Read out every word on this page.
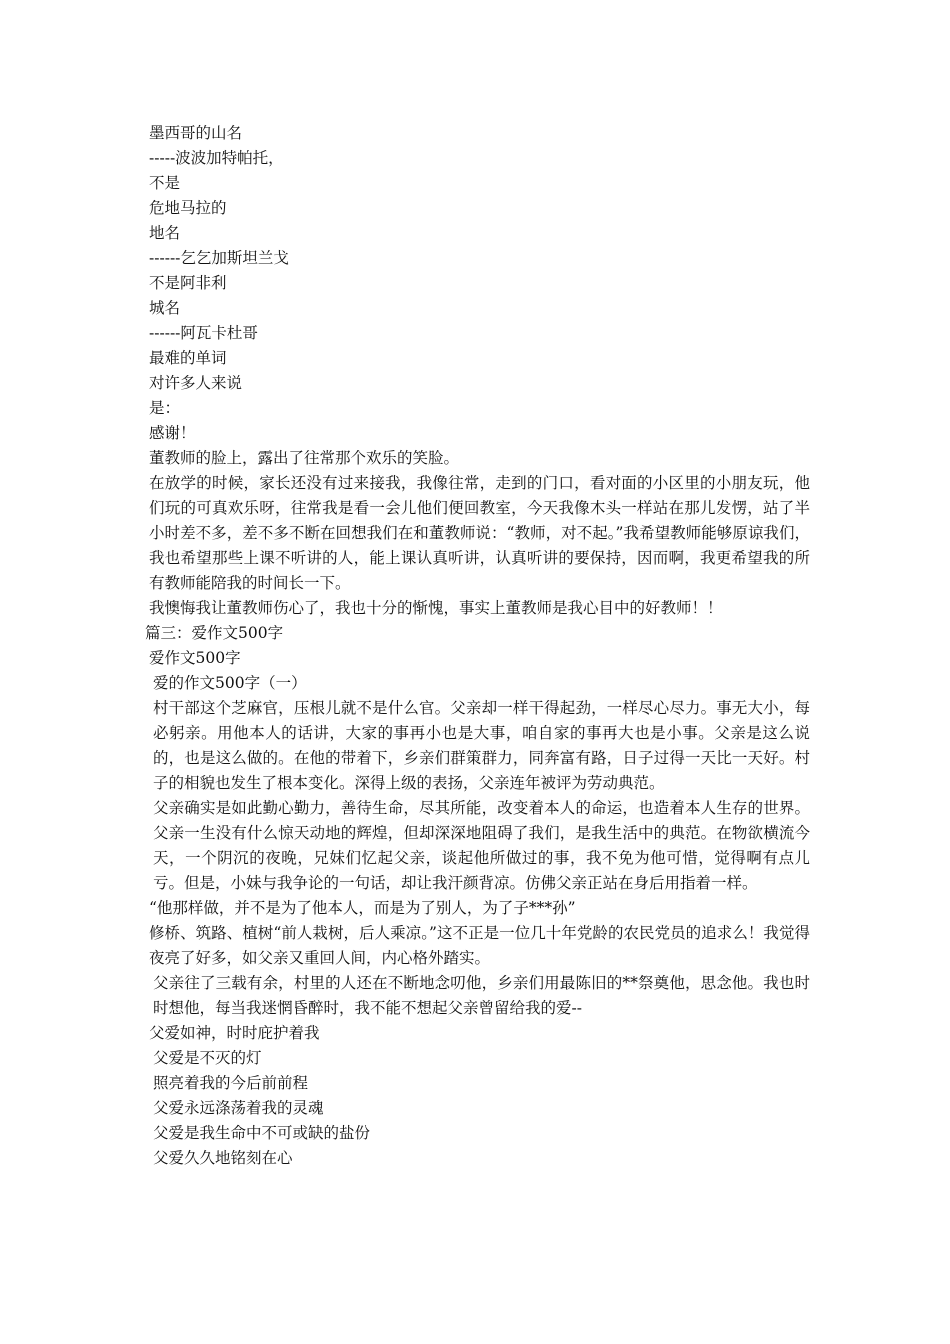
墨西哥的山名

-----波波加特帕托，

不是

危地马拉的

地名

------乞乞加斯坦兰戈

不是阿非利

城名

------阿瓦卡杜哥

最难的单词

对许多人来说

是：

感谢！

董教师的脸上，露出了往常那个欢乐的笑脸。

在放学的时候，家长还没有过来接我，我像往常，走到的门口，看对面的小区里的小朋友玩，他们玩的可真欢乐呀，往常我是看一会儿他们便回教室，今天我像木头一样站在那儿发愣，站了半小时差不多，差不多不断在回想我们在和董教师说：“教师，对不起。”我希望教师能够原谅我们，我也希望那些上课不听讲的人，能上课认真听讲，认真听讲的要保持，因而啊，我更希望我的所有教师能陪我的时间长一下。

我懊悔我让董教师伤心了，我也十分的惭愧，事实上董教师是我心目中的好教师！！

篇三：爱作文500字

爱作文500字

爱的作文500字（一）

村干部这个芝麻官，压根儿就不是什么官。父亲却一样干得起劲，一样尽心尽力。事无大小，每必躬亲。用他本人的话讲，大家的事再小也是大事，咱自家的事再大也是小事。父亲是这么说的，也是这么做的。在他的带着下，乡亲们群策群力，同奔富有路，日子过得一天比一天好。村子的相貌也发生了根本变化。深得上级的表扬，父亲连年被评为劳动典范。

父亲确实是如此勤心勤力，善待生命，尽其所能，改变着本人的命运，也造着本人生存的世界。父亲一生没有什么惊天动地的辉煌，但却深深地阻碍了我们，是我生活中的典范。在物欲横流今天，一个阴沉的夜晚，兄妹们忆起父亲，谈起他所做过的事，我不免为他可惜，觉得啊有点儿亏。但是，小妹与我争论的一句话，却让我汗颜背凉。仿佛父亲正站在身后用指着一样。

“他那样做，并不是为了他本人，而是为了别人，为了子***孙”

修桥、筑路、植树“前人栽树，后人乘凉。”这不正是一位几十年党龄的农民党员的追求么！我觉得夜亮了好多，如父亲又重回人间，内心格外踏实。

父亲往了三载有余，村里的人还在不断地念叨他，乡亲们用最陈旧的**祭奠他，思念他。我也时时想他，每当我迷惘昏醉时，我不能不想起父亲曾留给我的爱--

父爱如神，时时庇护着我

父爱是不灭的灯

照亮着我的今后前前程

父爱永远涤荡着我的灵魂

父爱是我生命中不可或缺的盐份

父爱久久地铭刻在心
